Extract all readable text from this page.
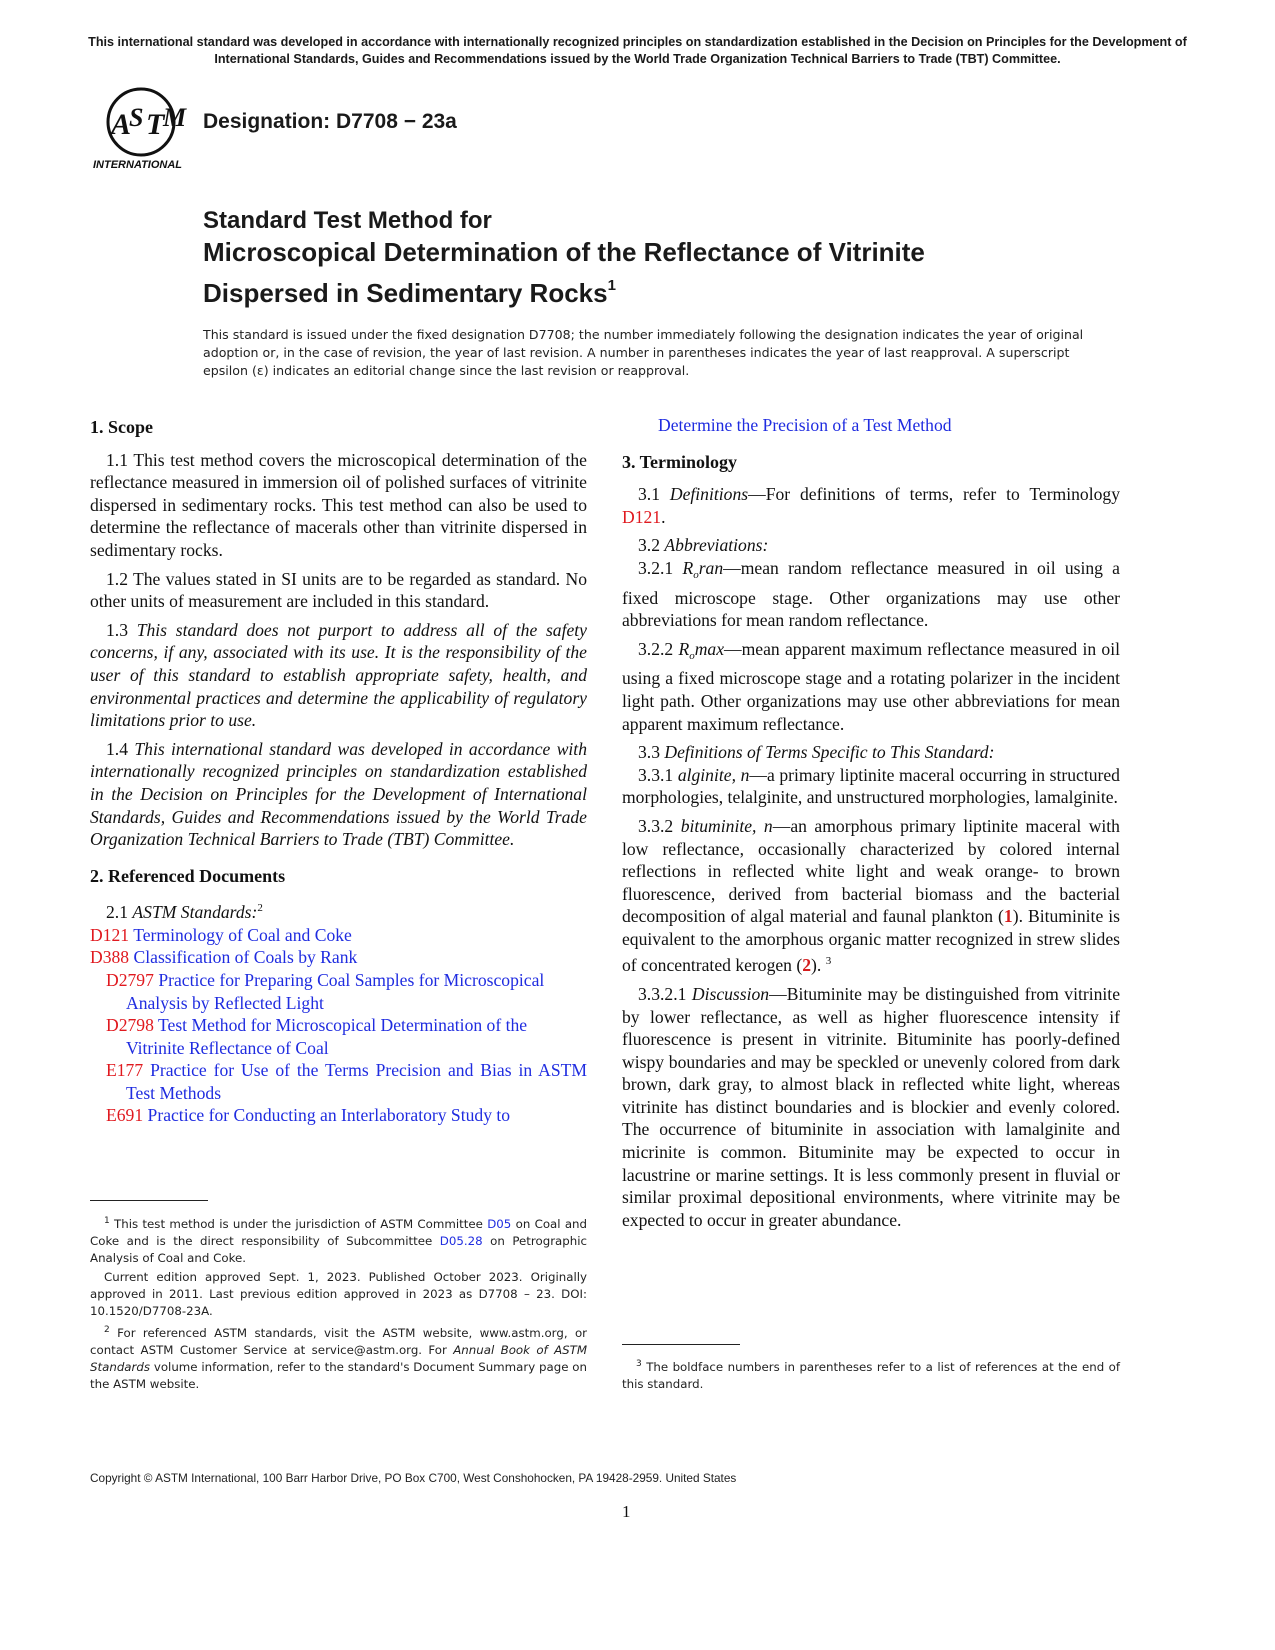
This international standard was developed in accordance with internationally recognized principles on standardization established in the Decision on Principles for the Development of International Standards, Guides and Recommendations issued by the World Trade Organization Technical Barriers to Trade (TBT) Committee.
A
S T
M
INTERNATIONAL
Designation: D7708 − 23a
Standard Test Method for
Microscopical Determination of the Reflectance of Vitrinite
Dispersed in Sedimentary Rocks$^1$
This standard is issued under the fixed designation D7708; the number immediately following the designation indicates the year of original adoption or, in the case of revision, the year of last revision. A number in parentheses indicates the year of last reapproval. A superscript epsilon (ε) indicates an editorial change since the last revision or reapproval.
1. Scope

1.1 This test method covers the microscopical determination of the reflectance measured in immersion oil of polished surfaces of vitrinite dispersed in sedimentary rocks. This test method can also be used to determine the reflectance of macerals other than vitrinite dispersed in sedimentary rocks.

1.2 The values stated in SI units are to be regarded as standard. No other units of measurement are included in this standard.

1.3 This standard does not purport to address all of the safety concerns, if any, associated with its use. It is the responsibility of the user of this standard to establish appropriate safety, health, and environmental practices and determine the applicability of regulatory limitations prior to use.

1.4 This international standard was developed in accordance with internationally recognized principles on standardization established in the Decision on Principles for the Development of International Standards, Guides and Recommendations issued by the World Trade Organization Technical Barriers to Trade (TBT) Committee.

2. Referenced Documents

2.1 ASTM Standards:$^2$

D121 Terminology of Coal and Coke
D388 Classification of Coals by Rank
D2797 Practice for Preparing Coal Samples for Microscopical Analysis by Reflected Light
D2798 Test Method for Microscopical Determination of the Vitrinite Reflectance of Coal
E177 Practice for Use of the Terms Precision and Bias in ASTM Test Methods
E691 Practice for Conducting an Interlaboratory Study to
Determine the Precision of a Test Method
3. Terminology

3.1 Definitions—For definitions of terms, refer to Terminology D121.

3.2 Abbreviations:

3.2.1 $R_oran—mean$ random reflectance measured in oil using a fixed microscope stage. Other organizations may use other abbreviations for mean random reflectance.

3.2.2 $R_o\max—mean$ apparent maximum reflectance measured in oil using a fixed microscope stage and a rotating polarizer in the incident light path. Other organizations may use other abbreviations for mean apparent maximum reflectance.

3.3 Definitions of Terms Specific to This Standard:

3.3.1 alginite, n—a primary liptinite maceral occurring in structured morphologies, telalginite, and unstructured morphologies, lamalginite.

3.3.2 bituminite, n—an amorphous primary liptinite maceral with low reflectance, occasionally characterized by colored internal reflections in reflected white light and weak orange- to brown fluorescence, derived from bacterial biomass and the bacterial decomposition of algal material and faunal plankton (1). Bituminite is equivalent to the amorphous organic matter recognized in strew slides of concentrated kerogen (2). $^3$

3.3.2.1 Discussion—Bituminite may be distinguished from vitrinite by lower reflectance, as well as higher fluorescence intensity if fluorescence is present in vitrinite. Bituminite has poorly-defined wispy boundaries and may be speckled or unevenly colored from dark brown, dark gray, to almost black in reflected white light, whereas vitrinite has distinct boundaries and is blockier and evenly colored. The occurrence of bituminite in association with lamalginite and micrinite is common. Bituminite may be expected to occur in lacustrine or marine settings. It is less commonly present in fluvial or similar proximal depositional environments, where vitrinite may be expected to occur in greater abundance.

$^1$ This test method is under the jurisdiction of ASTM Committee D05 on Coal and Coke and is the direct responsibility of Subcommittee D05.28 on Petrographic Analysis of Coal and Coke.

Current edition approved Sept. 1, 2023. Published October 2023. Originally approved in 2011. Last previous edition approved in 2023 as D7708 – 23. DOI: 10.1520/D7708-23A.

$^2$ For referenced ASTM standards, visit the ASTM website, www.astm.org, or contact ASTM Customer Service at service@astm.org. For Annual Book of ASTM Standards volume information, refer to the standard's Document Summary page on the ASTM website.

$^3$ The boldface numbers in parentheses refer to a list of references at the end of this standard.

Copyright © ASTM International, 100 Barr Harbor Drive, PO Box C700, West Conshohocken, PA 19428-2959. United States
1
